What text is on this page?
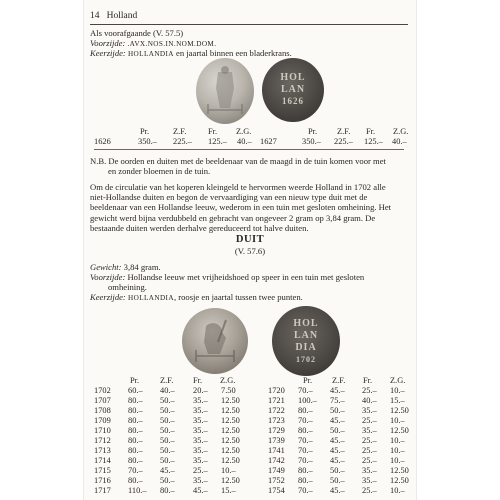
14 Holland
Als voorafgaande (V. 57.5)
Voorzijde: .AVX.NOS.IN.NOM.DOM.
Keerzijde: HOLLANDIA en jaartal binnen een bladerkrans.
HOL
LAN
1626
Pr.	Z.F.	Fr. Z.G.	Pr. Z.F. Fr. Z.G.
1626	350.– 225.– 125.– 40.– 1627	350.– 225.– 125.– 40.–
N.B. De oorden en duiten met de beeldenaar van de maagd in de tuin komen voor met
en zonder bloemen in de tuin.
Om de circulatie van het koperen kleingeld te hervormen weerde Holland in 1702 alle
niet-Hollandse duiten en begon de vervaardiging van een nieuw type duit met de
beeldenaar van een Hollandse leeuw, wederom in een tuin met gesloten omheining. Het
gewicht werd bijna verdubbeld en gebracht van ongeveer 2 gram op 3,84 gram. De
bestaande duiten werden derhalve gereduceerd tot halve duiten.
DUIT
(V. 57.6)
Gewicht: 3,84 gram.
Voorzijde: Hollandse leeuw met vrijheidshoed op speer in een tuin met gesloten
omheining.
Keerzijde: HOLLANDIA, roosje en jaartal tussen twee punten.
HOL
LAN
DIA
1702
Pr. Z.F. Fr. Z.G.	Pr. Z.F. Fr. Z.G.
1702 60.– 40.– 20.– 7.50
1707 80.– 50.– 35.– 12.50
1708 80.– 50.– 35.– 12.50
1709 80.– 50.– 35.– 12.50
1710 80.– 50.– 35.– 12.50
1712 80.– 50.– 35.– 12.50
1713 80.– 50.– 35.– 12.50
1714 80.– 50.– 35.– 12.50
1715 70.– 45.– 25.– 10.–
1716 80.– 50.– 35.– 12.50
1717 110.– 80.– 45.– 15.–
1720 70.– 45.– 25.– 10.–
1721 100.– 75.– 40.– 15.–
1722 80.– 50.– 35.– 12.50
1723 70.– 45.– 25.– 10.–
1729 80.– 50.– 35.– 12.50
1739 70.– 45.– 25.– 10.–
1741 70.– 45.– 25.– 10.–
1742 70.– 45.– 25.– 10.–
1749 80.– 50.– 35.– 12.50
1752 80.– 50.– 35.– 12.50
1754 70.– 45.– 25.– 10.–
